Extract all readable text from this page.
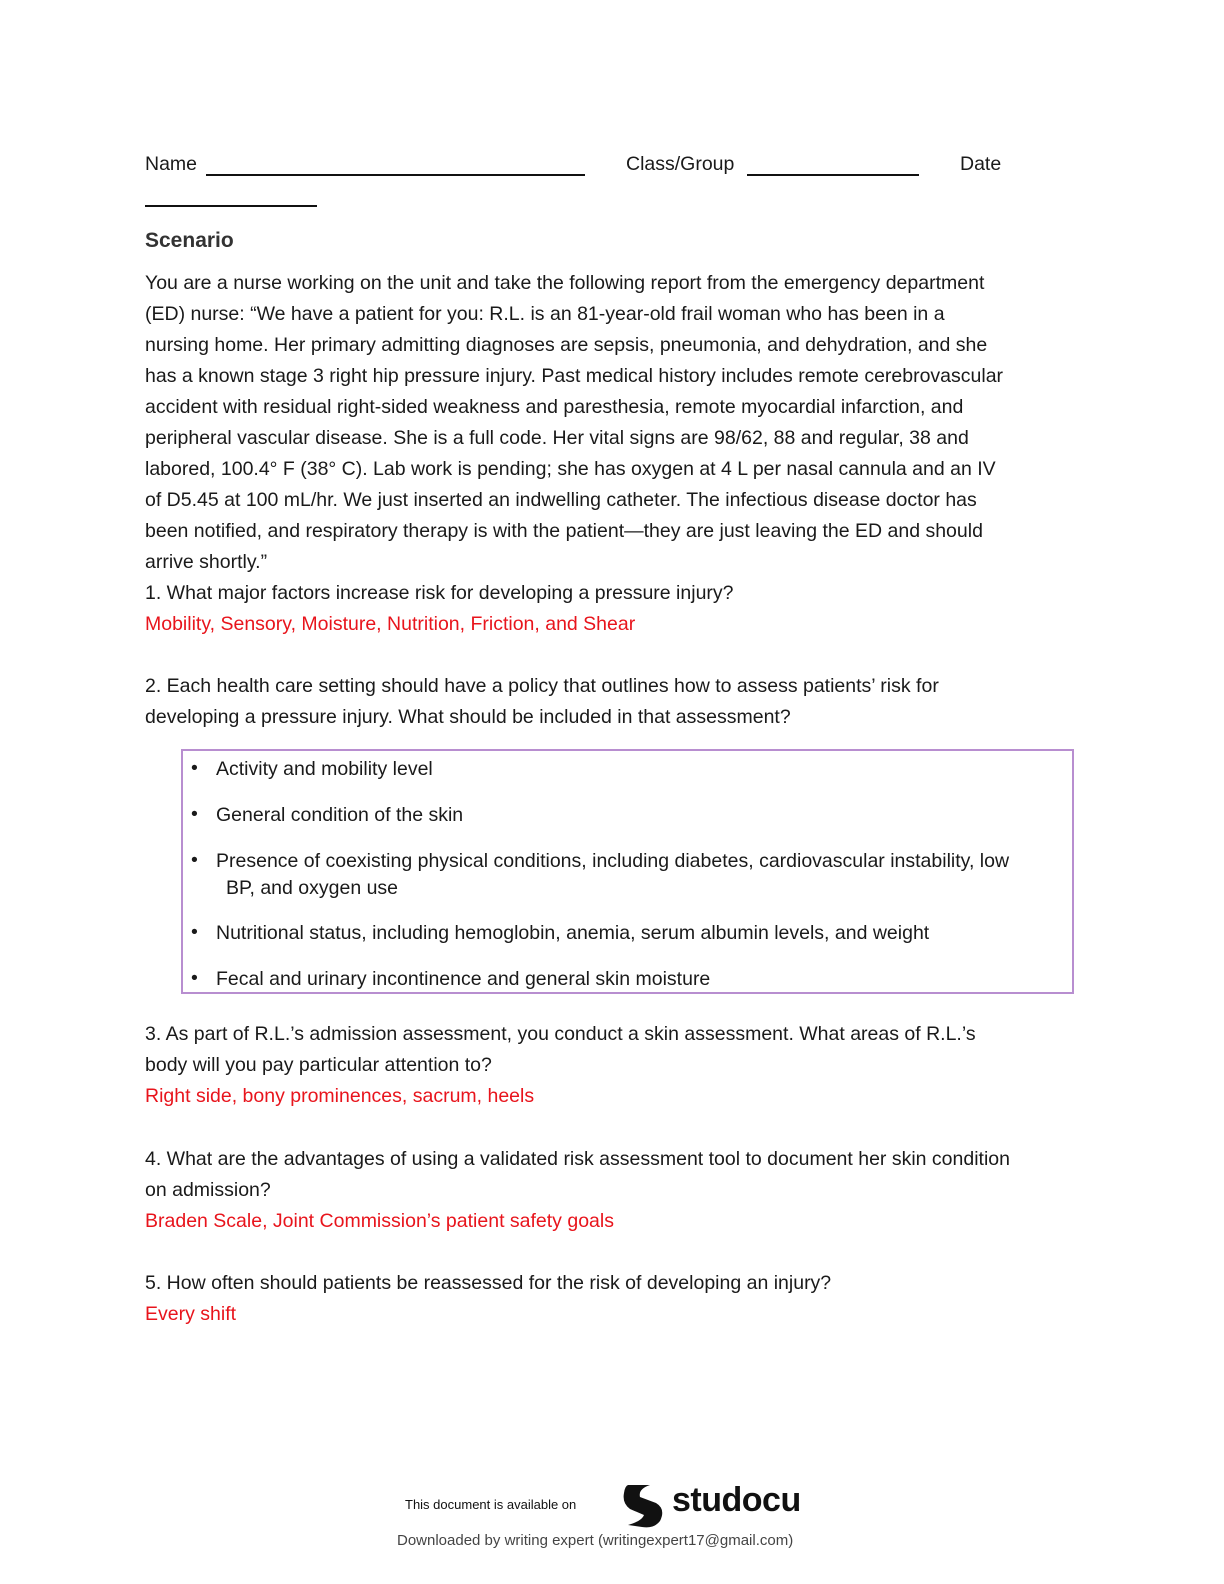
Name	Class/Group	Date
Scenario
You are a nurse working on the unit and take the following report from the emergency department
(ED) nurse: “We have a patient for you: R.L. is an 81-year-old frail woman who has been in a
nursing home. Her primary admitting diagnoses are sepsis, pneumonia, and dehydration, and she
has a known stage 3 right hip pressure injury. Past medical history includes remote cerebrovascular
accident with residual right-sided weakness and paresthesia, remote myocardial infarction, and
peripheral vascular disease. She is a full code. Her vital signs are 98/62, 88 and regular, 38 and
labored, 100.4° F (38° C). Lab work is pending; she has oxygen at 4 L per nasal cannula and an IV
of D5.45 at 100 mL/hr. We just inserted an indwelling catheter. The infectious disease doctor has
been notified, and respiratory therapy is with the patient—they are just leaving the ED and should
arrive shortly.”
1. What major factors increase risk for developing a pressure injury?
Mobility, Sensory, Moisture, Nutrition, Friction, and Shear
2. Each health care setting should have a policy that outlines how to assess patients’ risk for
developing a pressure injury. What should be included in that assessment?
• Activity and mobility level
• General condition of the skin
• Presence of coexisting physical conditions, including diabetes, cardiovascular instability, low
BP, and oxygen use
• Nutritional status, including hemoglobin, anemia, serum albumin levels, and weight
• Fecal and urinary incontinence and general skin moisture
3. As part of R.L.’s admission assessment, you conduct a skin assessment. What areas of R.L.’s
body will you pay particular attention to?
Right side, bony prominences, sacrum, heels
4. What are the advantages of using a validated risk assessment tool to document her skin condition
on admission?
Braden Scale, Joint Commission’s patient safety goals
5. How often should patients be reassessed for the risk of developing an injury?
Every shift
This document is available on	studocu
Downloaded by writing expert (writingexpert17@gmail.com)
